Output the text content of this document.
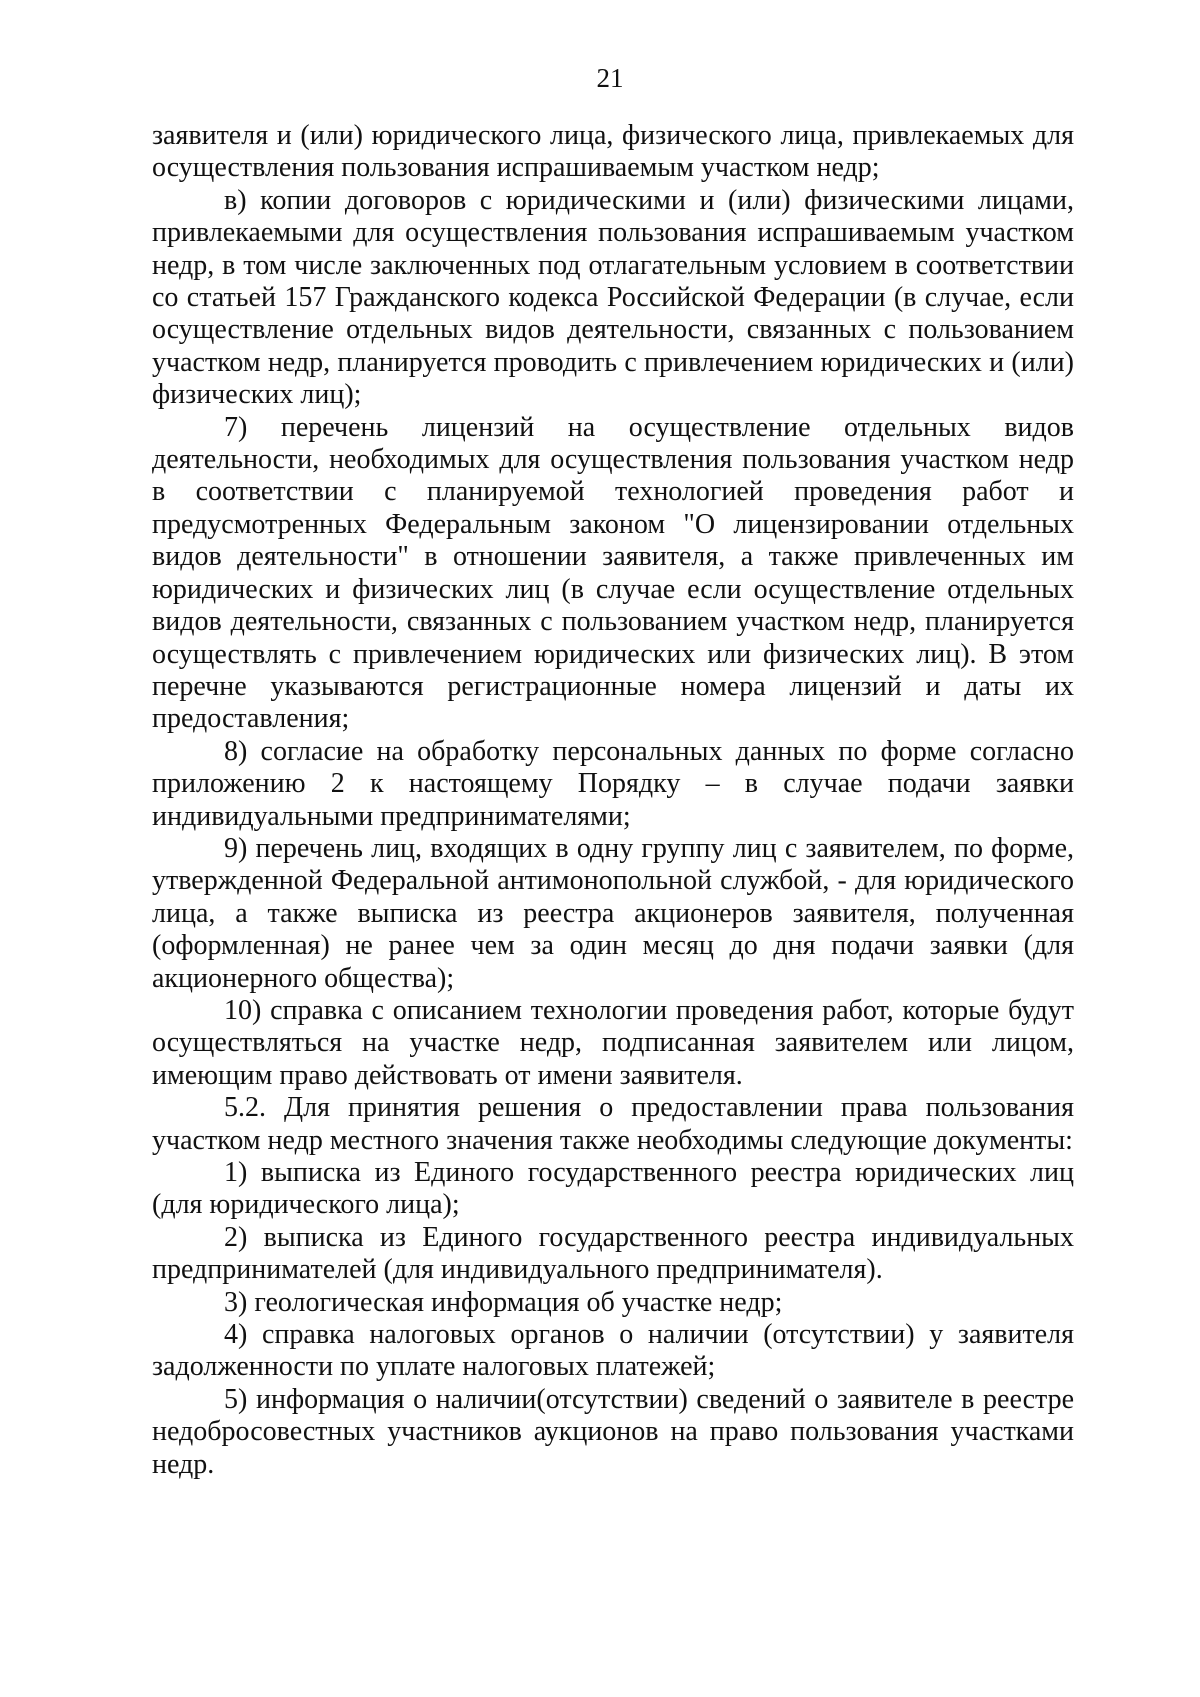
21

заявителя и (или) юридического лица, физического лица, привлекаемых для осуществления пользования испрашиваемым участком недр;

в) копии договоров с юридическими и (или) физическими лицами, привлекаемыми для осуществления пользования испрашиваемым участком недр, в том числе заключенных под отлагательным условием в соответствии со статьей 157 Гражданского кодекса Российской Федерации (в случае, если осуществление отдельных видов деятельности, связанных с пользованием участком недр, планируется проводить с привлечением юридических и (или) физических лиц);

7) перечень лицензий на осуществление отдельных видов деятельности, необходимых для осуществления пользования участком недр в соответствии с планируемой технологией проведения работ и предусмотренных Федеральным законом "О лицензировании отдельных видов деятельности" в отношении заявителя, а также привлеченных им юридических и физических лиц (в случае если осуществление отдельных видов деятельности, связанных с пользованием участком недр, планируется осуществлять с привлечением юридических или физических лиц). В этом перечне указываются регистрационные номера лицензий и даты их предоставления;

8) согласие на обработку персональных данных по форме согласно приложению 2 к настоящему Порядку – в случае подачи заявки индивидуальными предпринимателями;

9) перечень лиц, входящих в одну группу лиц с заявителем, по форме, утвержденной Федеральной антимонопольной службой, - для юридического лица, а также выписка из реестра акционеров заявителя, полученная (оформленная) не ранее чем за один месяц до дня подачи заявки (для акционерного общества);

10) справка с описанием технологии проведения работ, которые будут осуществляться на участке недр, подписанная заявителем или лицом, имеющим право действовать от имени заявителя.

5.2. Для принятия решения о предоставлении права пользования участком недр местного значения также необходимы следующие документы:

1) выписка из Единого государственного реестра юридических лиц (для юридического лица);

2) выписка из Единого государственного реестра индивидуальных предпринимателей (для индивидуального предпринимателя).

3) геологическая информация об участке недр;

4) справка налоговых органов о наличии (отсутствии) у заявителя задолженности по уплате налоговых платежей;

5) информация о наличии(отсутствии) сведений о заявителе в реестре недобросовестных участников аукционов на право пользования участками недр.
